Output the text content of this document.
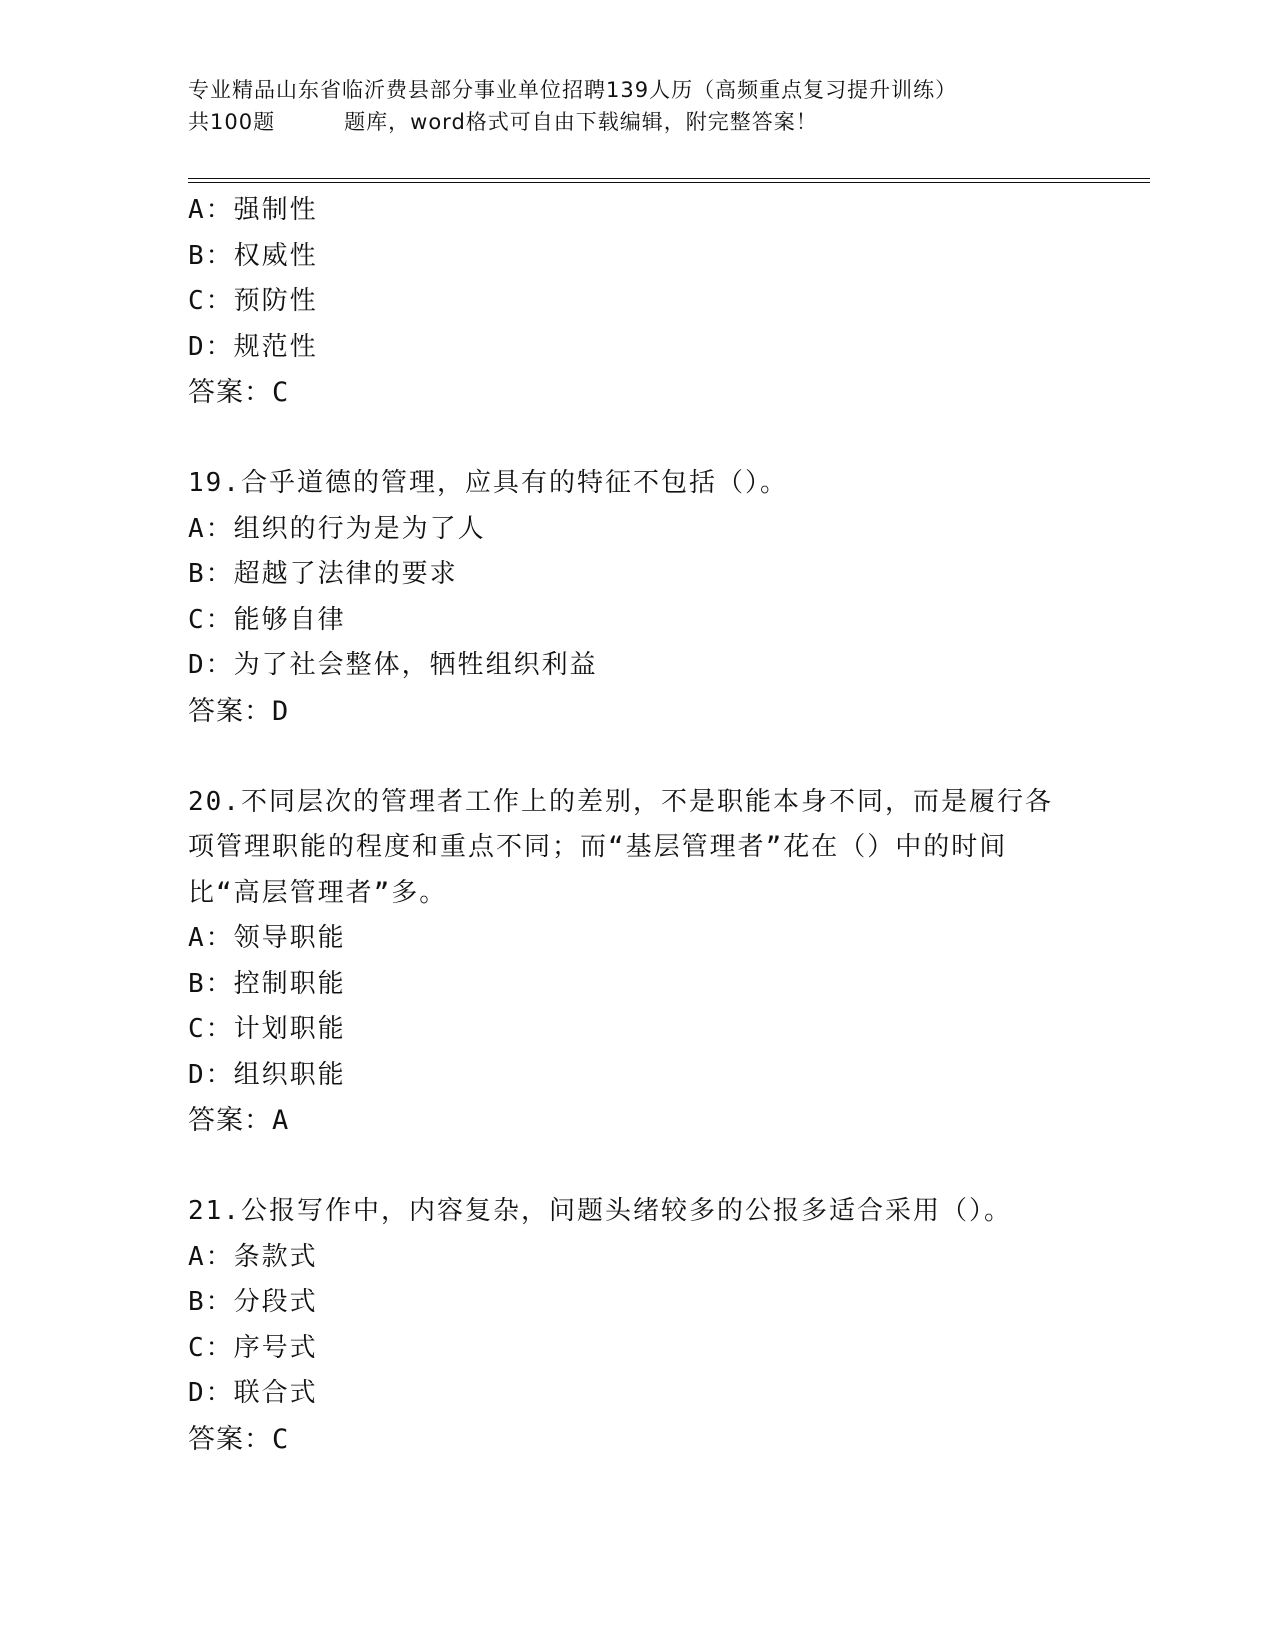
专业精品山东省临沂费县部分事业单位招聘139人历（高频重点复习提升训练）
共100题         题库，word格式可自由下载编辑，附完整答案！
A：强制性
B：权威性
C：预防性
D：规范性
答案：C
19.合乎道德的管理，应具有的特征不包括（）。
A：组织的行为是为了人
B：超越了法律的要求
C：能够自律
D：为了社会整体，牺牲组织利益
答案：D
20.不同层次的管理者工作上的差别，不是职能本身不同，而是履行各
项管理职能的程度和重点不同；而“基层管理者”花在（）中的时间
比“高层管理者”多。
A：领导职能
B：控制职能
C：计划职能
D：组织职能
答案：A
21.公报写作中，内容复杂，问题头绪较多的公报多适合采用（）。
A：条款式
B：分段式
C：序号式
D：联合式
答案：C
